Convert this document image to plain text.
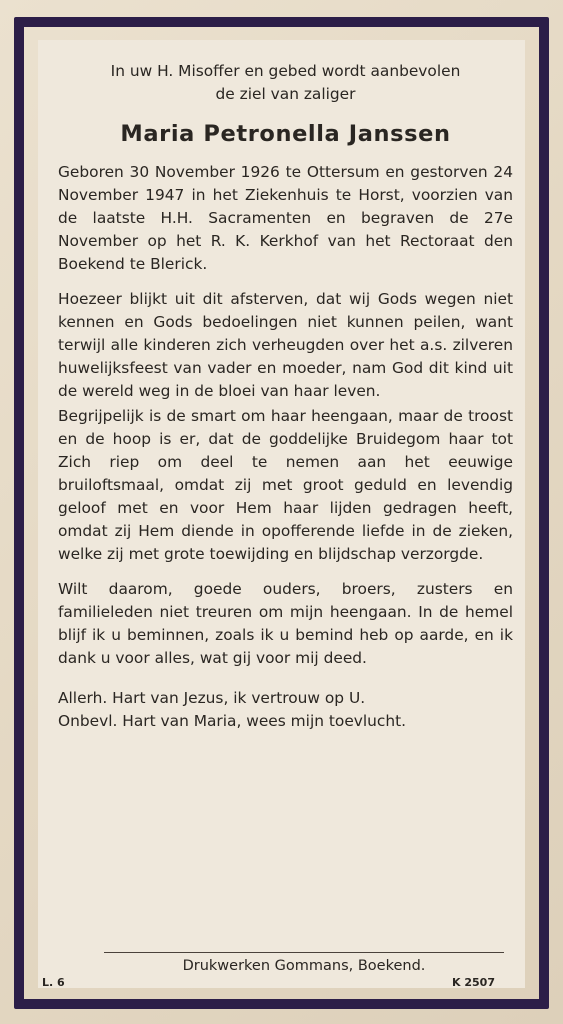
In uw H. Misoffer en gebed wordt aanbevolen

de ziel van zaliger

Maria Petronella Janssen

Geboren 30 November 1926 te Ottersum en gestorven 24 November 1947 in het Ziekenhuis te Horst, voorzien van de laatste H.H. Sacramenten en begraven de 27e November op het R. K. Kerkhof van het Rectoraat den Boekend te Blerick.

Hoezeer blijkt uit dit afsterven, dat wij Gods wegen niet kennen en Gods bedoelingen niet kunnen peilen, want terwijl alle kinderen zich verheugden over het a.s. zilveren huwelijksfeest van vader en moeder, nam God dit kind uit de wereld weg in de bloei van haar leven.

Begrijpelijk is de smart om haar heengaan, maar de troost en de hoop is er, dat de goddelijke Bruidegom haar tot Zich riep om deel te nemen aan het eeuwige bruiloftsmaal, omdat zij met groot geduld en levendig geloof met en voor Hem haar lijden gedragen heeft, omdat zij Hem diende in opofferende liefde in de zieken, welke zij met grote toewijding en blijdschap verzorgde.

Wilt daarom, goede ouders, broers, zusters en familieleden niet treuren om mijn heengaan. In de hemel blijf ik u beminnen, zoals ik u bemind heb op aarde, en ik dank u voor alles, wat gij voor mij deed.

Allerh. Hart van Jezus, ik vertrouw op U.

Onbevl. Hart van Maria, wees mijn toevlucht.

Drukwerken Gommans, Boekend.
L. 6	K 2507
